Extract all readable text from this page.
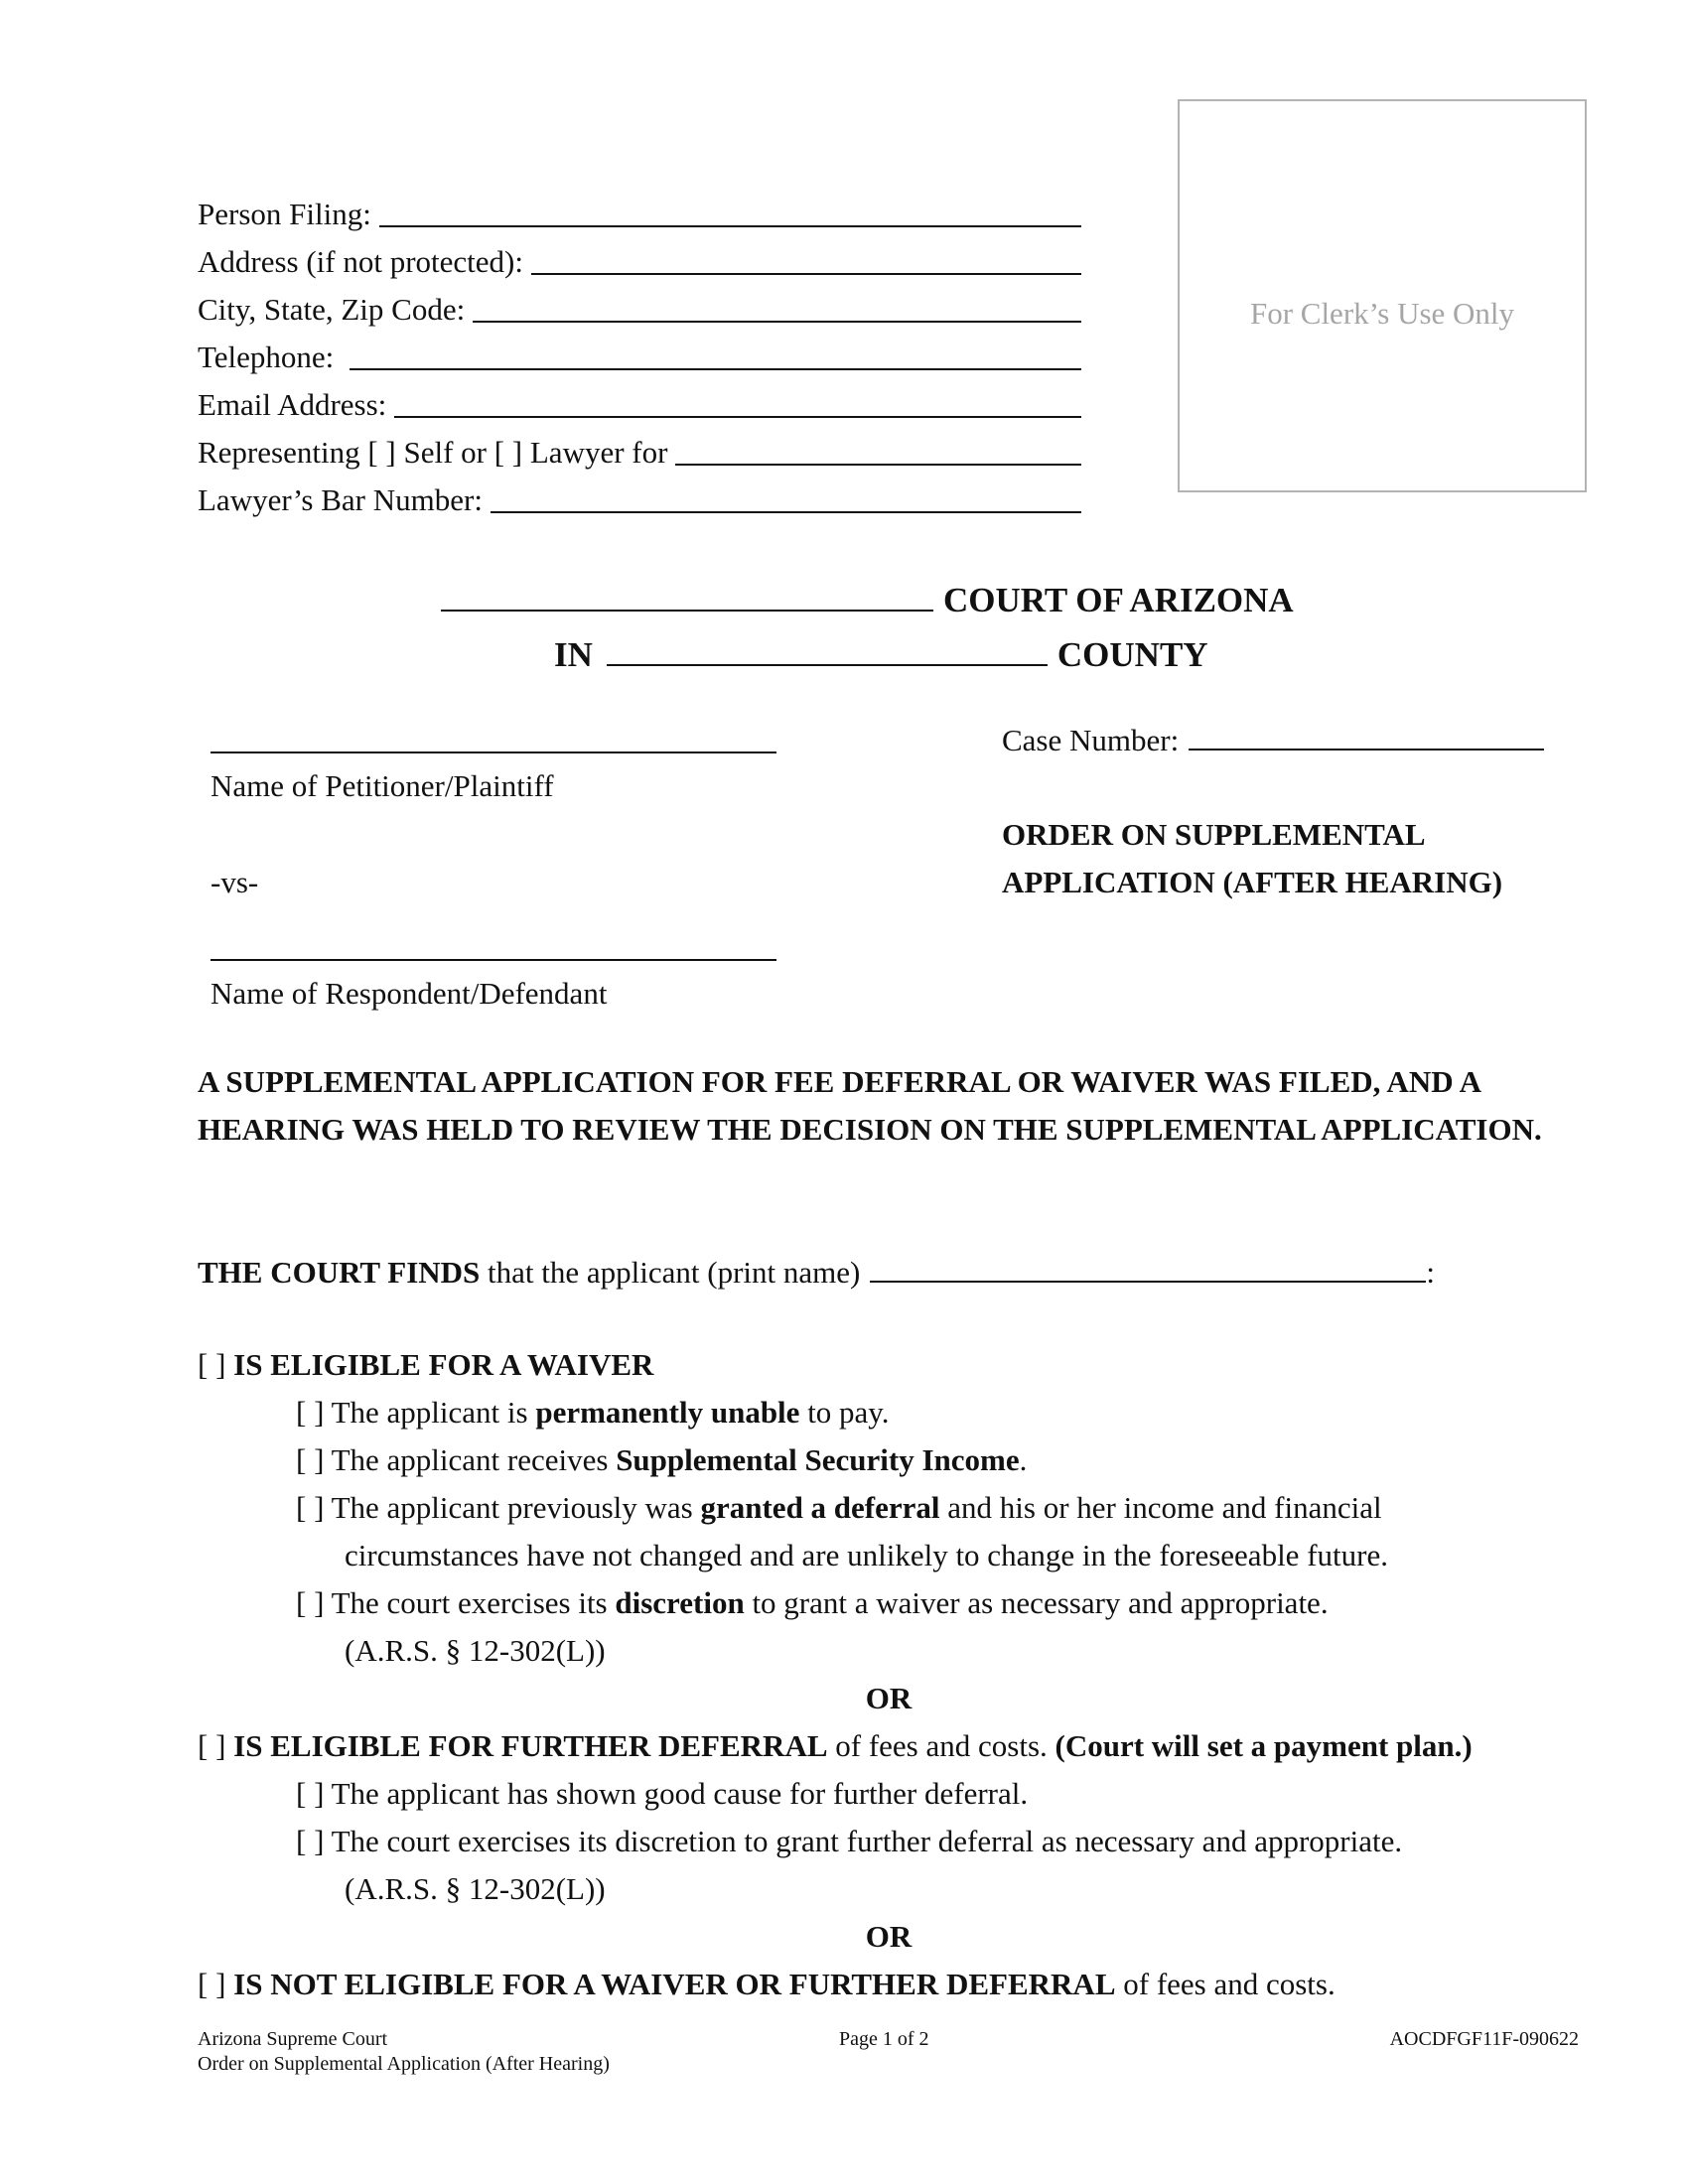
Person Filing:
Address (if not protected):
City, State, Zip Code:
Telephone:
Email Address:
Representing [ ] Self or [ ] Lawyer for
Lawyer’s Bar Number:
For Clerk’s Use Only
COURT OF ARIZONA
IN	COUNTY
Name of Petitioner/Plaintiff
-vs-
Name of Respondent/Defendant
Case Number:
ORDER ON SUPPLEMENTAL
APPLICATION (AFTER HEARING)
A SUPPLEMENTAL APPLICATION FOR FEE DEFERRAL OR WAIVER WAS FILED, AND A HEARING WAS HELD TO REVIEW THE DECISION ON THE SUPPLEMENTAL APPLICATION.
THE COURT FINDS that the applicant (print name)	:
[ ] IS ELIGIBLE FOR A WAIVER
[ ] The applicant is permanently unable to pay.
[ ] The applicant receives Supplemental Security Income.
[ ] The applicant previously was granted a deferral and his or her income and financial
circumstances have not changed and are unlikely to change in the foreseeable future.
[ ] The court exercises its discretion to grant a waiver as necessary and appropriate.
(A.R.S. § 12-302(L))
OR
[ ] IS ELIGIBLE FOR FURTHER DEFERRAL of fees and costs. (Court will set a payment plan.)
[ ] The applicant has shown good cause for further deferral.
[ ] The court exercises its discretion to grant further deferral as necessary and appropriate.
(A.R.S. § 12-302(L))
OR
[ ] IS NOT ELIGIBLE FOR A WAIVER OR FURTHER DEFERRAL of fees and costs.
Arizona Supreme Court
Order on Supplemental Application (After Hearing)
Page 1 of 2	AOCDFGF11F-090622
